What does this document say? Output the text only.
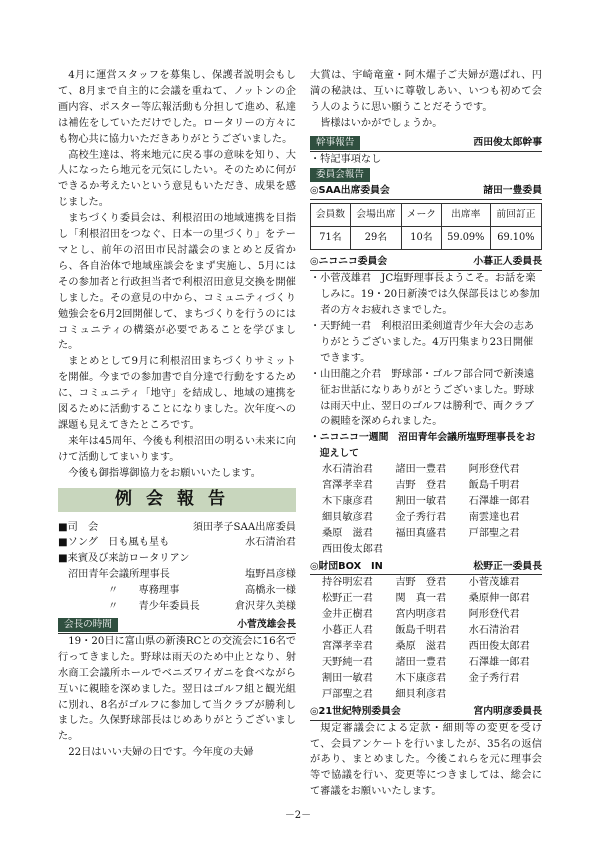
4月に運営スタッフを募集し、保護者説明会もして、8月まで自主的に会議を重ねて、ノットンの企画内容、ポスター等広報活動も分担して進め、私達は補佐をしていただけでした。ロータリーの方々にも物心共に協力いただきありがとうございました。

高校生達は、将来地元に戻る事の意味を知り、大人になったら地元を元気にしたい。そのために何ができるか考えたいという意見もいただき、成果を感じました。

まちづくり委員会は、利根沼田の地域連携を目指し「利根沼田をつなぐ、日本一の里づくり」をテーマとし、前年の沼田市民討議会のまとめと反省から、各自治体で地域座談会をまず実施し、5月にはその参加者と行政担当者で利根沼田意見交換を開催しました。その意見の中から、コミュニティづくり勉強会を6月2回開催して、まちづくりを行うのにはコミュニティの構築が必要であることを学びました。

まとめとして9月に利根沼田まちづくりサミットを開催。今までの参加書で自分達で行動をするために、コミュニティ「地守」を結成し、地域の連携を図るために活動することになりました。次年度への課題も見えてきたところです。

来年は45周年、今後も利根沼田の明るい未来に向けて活動してまいります。

今後も御指導御協力をお願いいたします。

例会報告
■司　会	須田孝子SAA出席委員
■ソング　日も風も星も	水石清治君
■来賓及び来訪ロータリアン
沼田青年会議所理事長	塩野昌彦様
〃　　専務理事	高橋永一様
〃　　青少年委員長	倉沢芽久美様
会長の時間	小菅茂雄会長

19・20日に富山県の新湊RCとの交流会に16名で行ってきました。野球は雨天のため中止となり、射水商工会議所ホールでベニズワイガニを食べながら互いに親睦を深めました。翌日はゴルフ組と観光組に別れ、8名がゴルフに参加して当クラブが勝利しました。久保野球部長はじめありがとうございました。

22日はいい夫婦の日です。今年度の夫婦

大賞は、宇崎竜童・阿木燿子ご夫婦が選ばれ、円満の秘訣は、互いに尊敬しあい、いつも初めて会う人のように思い願うことだそうです。

皆様はいかがでしょうか。

幹事報告	西田俊太郎幹事
・特記事項なし
委員会報告
◎SAA出席委員会	諸田一豊委員
会員数	会場出席	メーク	出席率	前回訂正
71名	29名	10名	59.09%	69.10%
◎ニコニコ委員会	小暮正人委員長
・小菅茂雄君　JC塩野理事長ようこそ。お話を楽しみに。19・20日新湊では久保部長はじめ参加者の方々お疲れさまでした。
・天野純一君　利根沼田柔剣道青少年大会の志ありがとうございました。4万円集まり23日開催できます。
・山田龍之介君　野球部・ゴルフ部合同で新湊遠征お世話になりありがとうございました。野球は雨天中止、翌日のゴルフは勝利で、両クラブの親睦を深められました。
・ニコニコ一週間　沼田青年会議所塩野理事長をお迎えして
水石清治君	諸田一豊君	阿形登代君
宮澤孝幸君	吉野　登君	飯島千明君
木下康彦君	割田一敏君	石澤雄一郎君
細貝敏彦君	金子秀行君	南雲達也君
桑原　滋君	福田真盛君	戸部聖之君
西田俊太郎君
◎財団BOX　IN	松野正一委員長
持谷明宏君	吉野　登君	小菅茂雄君
松野正一君	関　真一君	桑原伸一郎君
金井正樹君	宮内明彦君	阿形登代君
小暮正人君	飯島千明君	水石清治君
宮澤孝幸君	桑原　滋君	西田俊太郎君
天野純一君	諸田一豊君	石澤雄一郎君
割田一敏君	木下康彦君	金子秀行君
戸部聖之君	細貝利彦君
◎21世紀特別委員会	宮内明彦委員長

規定審議会による定款・細則等の変更を受けて、会員アンケートを行いましたが、35名の返信があり、まとめました。今後これらを元に理事会等で協議を行い、変更等につきましては、総会にて審議をお願いいたします。

－2－
